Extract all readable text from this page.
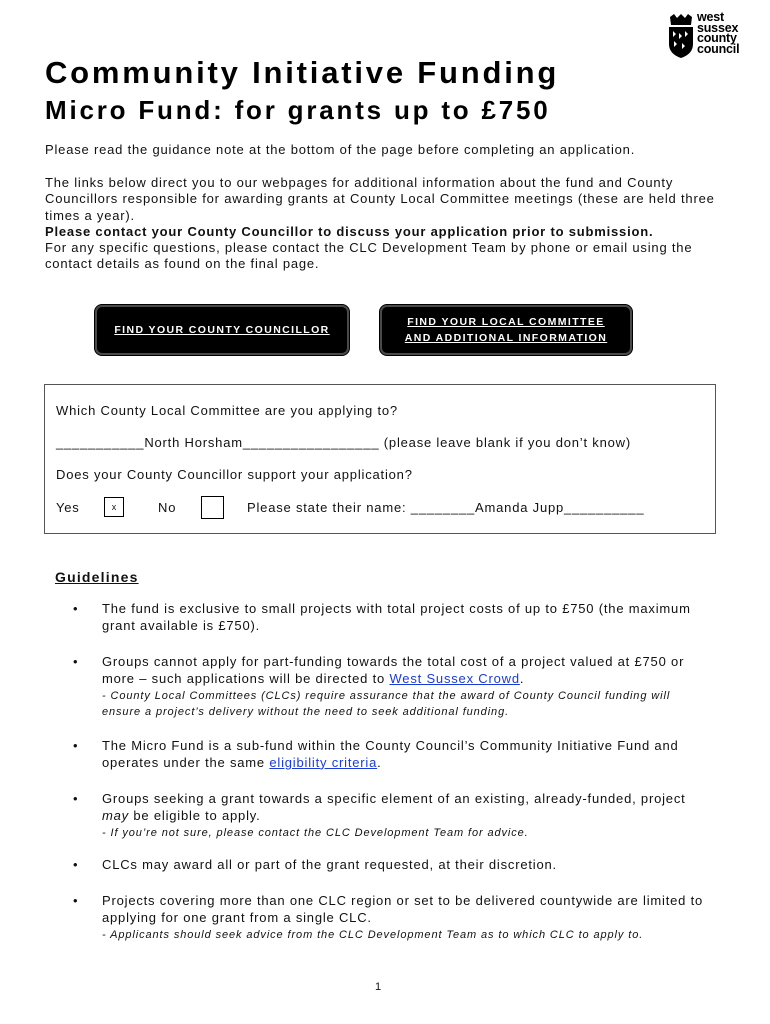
west
sussex
county
council
Community Initiative Funding
Micro Fund: for grants up to £750

Please read the guidance note at the bottom of the page before completing an application.

The links below direct you to our webpages for additional information about the fund and County Councillors responsible for awarding grants at County Local Committee meetings (these are held three times a year).
Please contact your County Councillor to discuss your application prior to submission.
For any specific questions, please contact the CLC Development Team by phone or email using the contact details as found on the final page.
FIND YOUR COUNTY COUNCILLOR
FIND YOUR LOCAL COMMITTEE
AND ADDITIONAL INFORMATION
Which County Local Committee are you applying to?
___________North Horsham_________________ (please leave blank if you don’t know)
Does your County Councillor support your application?
Yes	x	No	Please state their name: ________Amanda Jupp__________
Guidelines
• The fund is exclusive to small projects with total project costs of up to £750 (the maximum grant available is £750).
• Groups cannot apply for part-funding towards the total cost of a project valued at £750 or more – such applications will be directed to West Sussex Crowd.
- County Local Committees (CLCs) require assurance that the award of County Council funding will ensure a project’s delivery without the need to seek additional funding.
• The Micro Fund is a sub-fund within the County Council’s Community Initiative Fund and operates under the same eligibility criteria.
• Groups seeking a grant towards a specific element of an existing, already-funded, project may be eligible to apply.
- If you’re not sure, please contact the CLC Development Team for advice.
• CLCs may award all or part of the grant requested, at their discretion.
• Projects covering more than one CLC region or set to be delivered countywide are limited to applying for one grant from a single CLC.
- Applicants should seek advice from the CLC Development Team as to which CLC to apply to.
1
